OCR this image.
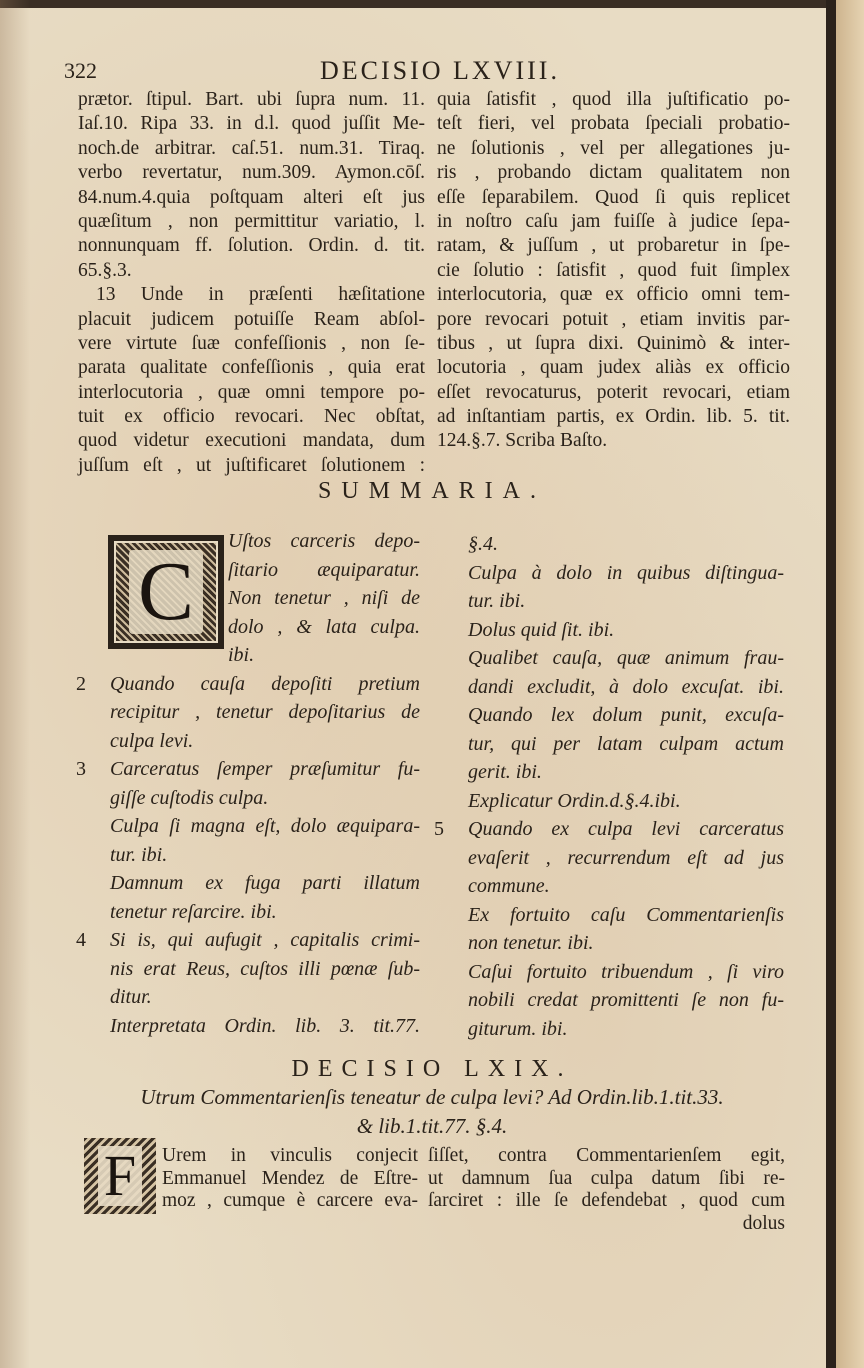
322	DECISIO LXVIII.
prætor. ſtipul. Bart. ubi ſupra num. 11.
Iaſ.10. Ripa 33. in d.l. quod juſſit Me-
noch.de arbitrar. caſ.51. num.31. Tiraq.
verbo revertatur, num.309. Aymon.cōſ.
84.num.4.quia poſtquam alteri eſt jus
quæſitum , non permittitur variatio, l.
nonnunquam ff. ſolution. Ordin. d. tit.
65.§.3.
13 Unde in præſenti hæſitatione
placuit judicem potuiſſe Ream abſol-
vere virtute ſuæ confeſſionis , non ſe-
parata qualitate confeſſionis , quia erat
interlocutoria , quæ omni tempore po-
tuit ex officio revocari. Nec obſtat,
quod videtur executioni mandata, dum
juſſum eſt , ut juſtificaret ſolutionem :
quia ſatisfit , quod illa juſtificatio po-
teſt fieri, vel probata ſpeciali probatio-
ne ſolutionis , vel per allegationes ju-
ris , probando dictam qualitatem non
eſſe ſeparabilem. Quod ſi quis replicet
in noſtro caſu jam fuiſſe à judice ſepa-
ratam, & juſſum , ut probaretur in ſpe-
cie ſolutio : ſatisfit , quod fuit ſimplex
interlocutoria, quæ ex officio omni tem-
pore revocari potuit , etiam invitis par-
tibus , ut ſupra dixi. Quinimò & inter-
locutoria , quam judex aliàs ex officio
eſſet revocaturus, poterit revocari, etiam
ad inſtantiam partis, ex Ordin. lib. 5. tit.
124.§.7. Scriba Baſto.
SUMMARIA.
C
Uſtos carceris depo-
ſitario æquiparatur.
Non tenetur , niſi de
dolo , & lata culpa.
ibi.
2 Quando cauſa depoſiti pretium
recipitur , tenetur depoſitarius de
culpa levi.
3 Carceratus ſemper præſumitur fu-
giſſe cuſtodis culpa.
Culpa ſi magna eſt, dolo æquipara-
tur. ibi.
Damnum ex fuga parti illatum
tenetur reſarcire. ibi.
4 Si is, qui aufugit , capitalis crimi-
nis erat Reus, cuſtos illi pœnæ ſub-
ditur.
Interpretata Ordin. lib. 3. tit.77.
§.4.
Culpa à dolo in quibus diſtingua-
tur. ibi.
Dolus quid ſit. ibi.
Qualibet cauſa, quæ animum frau-
dandi excludit, à dolo excuſat. ibi.
Quando lex dolum punit, excuſa-
tur, qui per latam culpam actum
gerit. ibi.
Explicatur Ordin.d.§.4.ibi.
5 Quando ex culpa levi carceratus
evaſerit , recurrendum eſt ad jus
commune.
Ex fortuito caſu Commentarienſis
non tenetur. ibi.
Caſui fortuito tribuendum , ſi viro
nobili credat promittenti ſe non fu-
giturum. ibi.
DECISIO LXIX.
Utrum Commentarienſis teneatur de culpa levi? Ad Ordin.lib.1.tit.33.
& lib.1.tit.77. §.4.
F	Urem in vinculis conjecit
Emmanuel Mendez de Eſtre-
moz , cumque è carcere eva-
ſiſſet, contra Commentarienſem egit,
ut damnum ſua culpa datum ſibi re-
ſarciret : ille ſe defendebat , quod cum
dolus
